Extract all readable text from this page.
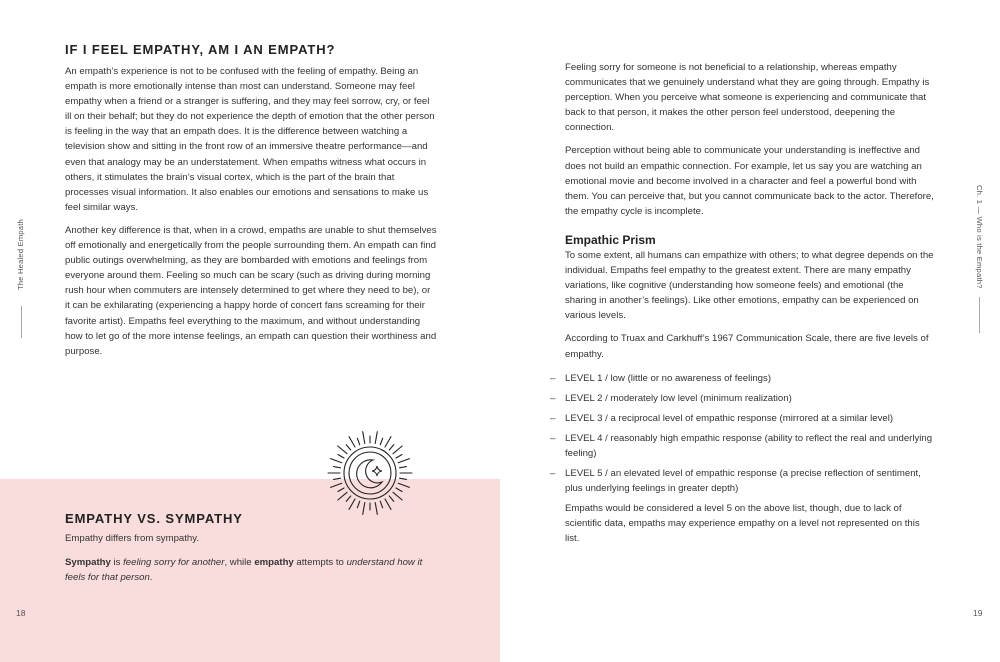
The Healed Empath
IF I FEEL EMPATHY, AM I AN EMPATH?

An empath’s experience is not to be confused with the feeling of empathy. Being an empath is more emotionally intense than most can understand. Someone may feel empathy when a friend or a stranger is suffering, and they may feel sorrow, cry, or feel ill on their behalf; but they do not experience the depth of emotion that the other person is feeling in the way that an empath does. It is the difference between watching a television show and sitting in the front row of an immersive theatre performance—and even that analogy may be an understatement. When empaths witness what occurs in others, it stimulates the brain’s visual cortex, which is the part of the brain that processes visual information. It also enables our emotions and sensations to make us feel similar ways.

Another key difference is that, when in a crowd, empaths are unable to shut themselves off emotionally and energetically from the people surrounding them. An empath can find public outings overwhelming, as they are bombarded with emotions and feelings from everyone around them. Feeling so much can be scary (such as driving during morning rush hour when commuters are intensely determined to get where they need to be), or it can be exhilarating (experiencing a happy horde of concert fans screaming for their favorite artist). Empaths feel everything to the maximum, and without understanding how to let go of the more intense feelings, an empath can question their worthiness and purpose.

EMPATHY VS. SYMPATHY

Empathy differs from sympathy.

Sympathy is feeling sorry for another, while empathy attempts to understand how it feels for that person.

18

Feeling sorry for someone is not beneficial to a relationship, whereas empathy communicates that we genuinely understand what they are going through. Empathy is perception. When you perceive what someone is experiencing and communicate that back to that person, it makes the other person feel understood, deepening the connection.

Perception without being able to communicate your understanding is ineffective and does not build an empathic connection. For example, let us say you are watching an emotional movie and become involved in a character and feel a powerful bond with them. You can perceive that, but you cannot communicate back to the actor. Therefore, the empathy cycle is incomplete.

Empathic Prism

To some extent, all humans can empathize with others; to what degree depends on the individual. Empaths feel empathy to the greatest extent. There are many empathy variations, like cognitive (understanding how someone feels) and emotional (the sharing in another’s feelings). Like other emotions, empathy can be experienced on various levels.

According to Truax and Carkhuff’s 1967 Communication Scale, there are five levels of empathy.

– LEVEL 1 / low (little or no awareness of feelings)
– LEVEL 2 / moderately low level (minimum realization)
– LEVEL 3 / a reciprocal level of empathic response (mirrored at a similar level)
– LEVEL 4 / reasonably high empathic response (ability to reflect the real and underlying feeling)
– LEVEL 5 / an elevated level of empathic response (a precise reflection of sentiment, plus underlying feelings in greater depth)

Empaths would be considered a level 5 on the above list, though, due to lack of scientific data, empaths may experience empathy on a level not represented on this list.

Ch. 1 — Who is the Empath?
19
